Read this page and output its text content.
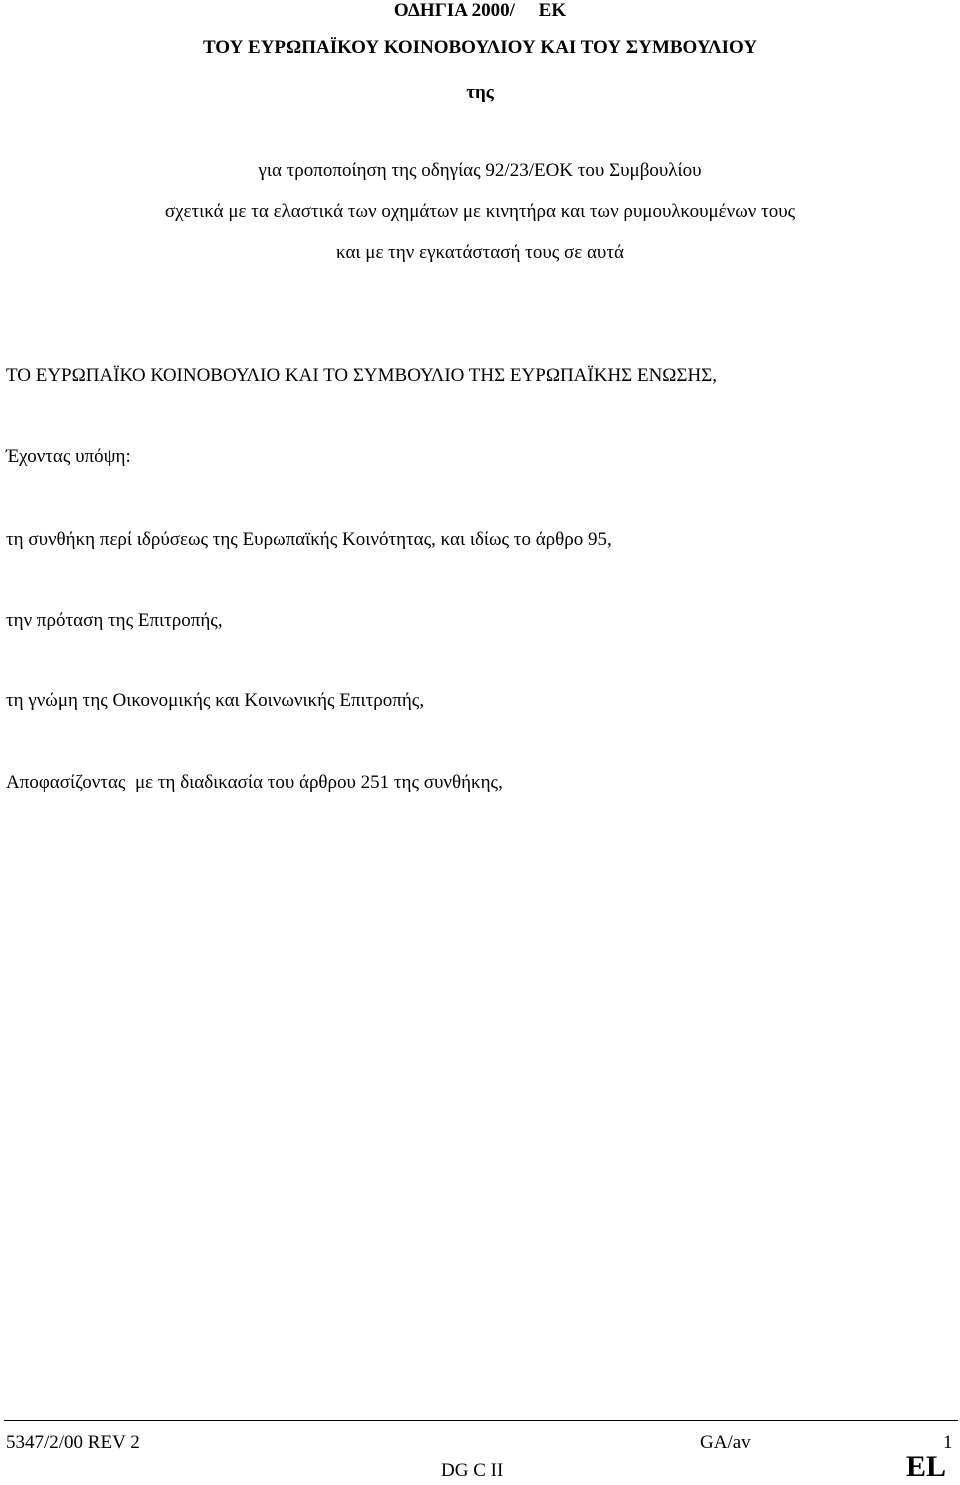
ΟΔΗΓΙΑ 2000/     ΕΚ
ΤΟΥ ΕΥΡΩΠΑΪΚΟΥ ΚΟΙΝΟΒΟΥΛΙΟΥ ΚΑΙ ΤΟΥ ΣΥΜΒΟΥΛΙΟΥ
της
για τροποποίηση της οδηγίας 92/23/ΕΟΚ του Συμβουλίου
σχετικά με τα ελαστικά των οχημάτων με κινητήρα και των ρυμουλκουμένων τους
και με την εγκατάστασή τους σε αυτά
ΤΟ ΕΥΡΩΠΑΪΚΟ ΚΟΙΝΟΒΟΥΛΙΟ ΚΑΙ ΤΟ ΣΥΜΒΟΥΛΙΟ ΤΗΣ ΕΥΡΩΠΑΪΚΗΣ ΕΝΩΣΗΣ,
Έχοντας υπόψη:
τη συνθήκη περί ιδρύσεως της Ευρωπαϊκής Κοινότητας, και ιδίως το άρθρο 95,
την πρόταση της Επιτροπής,
τη γνώμη της Οικονομικής και Κοινωνικής Επιτροπής,
Αποφασίζοντας  με τη διαδικασία του άρθρου 251 της συνθήκης,
5347/2/00 REV 2	GA/av	1
DG C II	EL
